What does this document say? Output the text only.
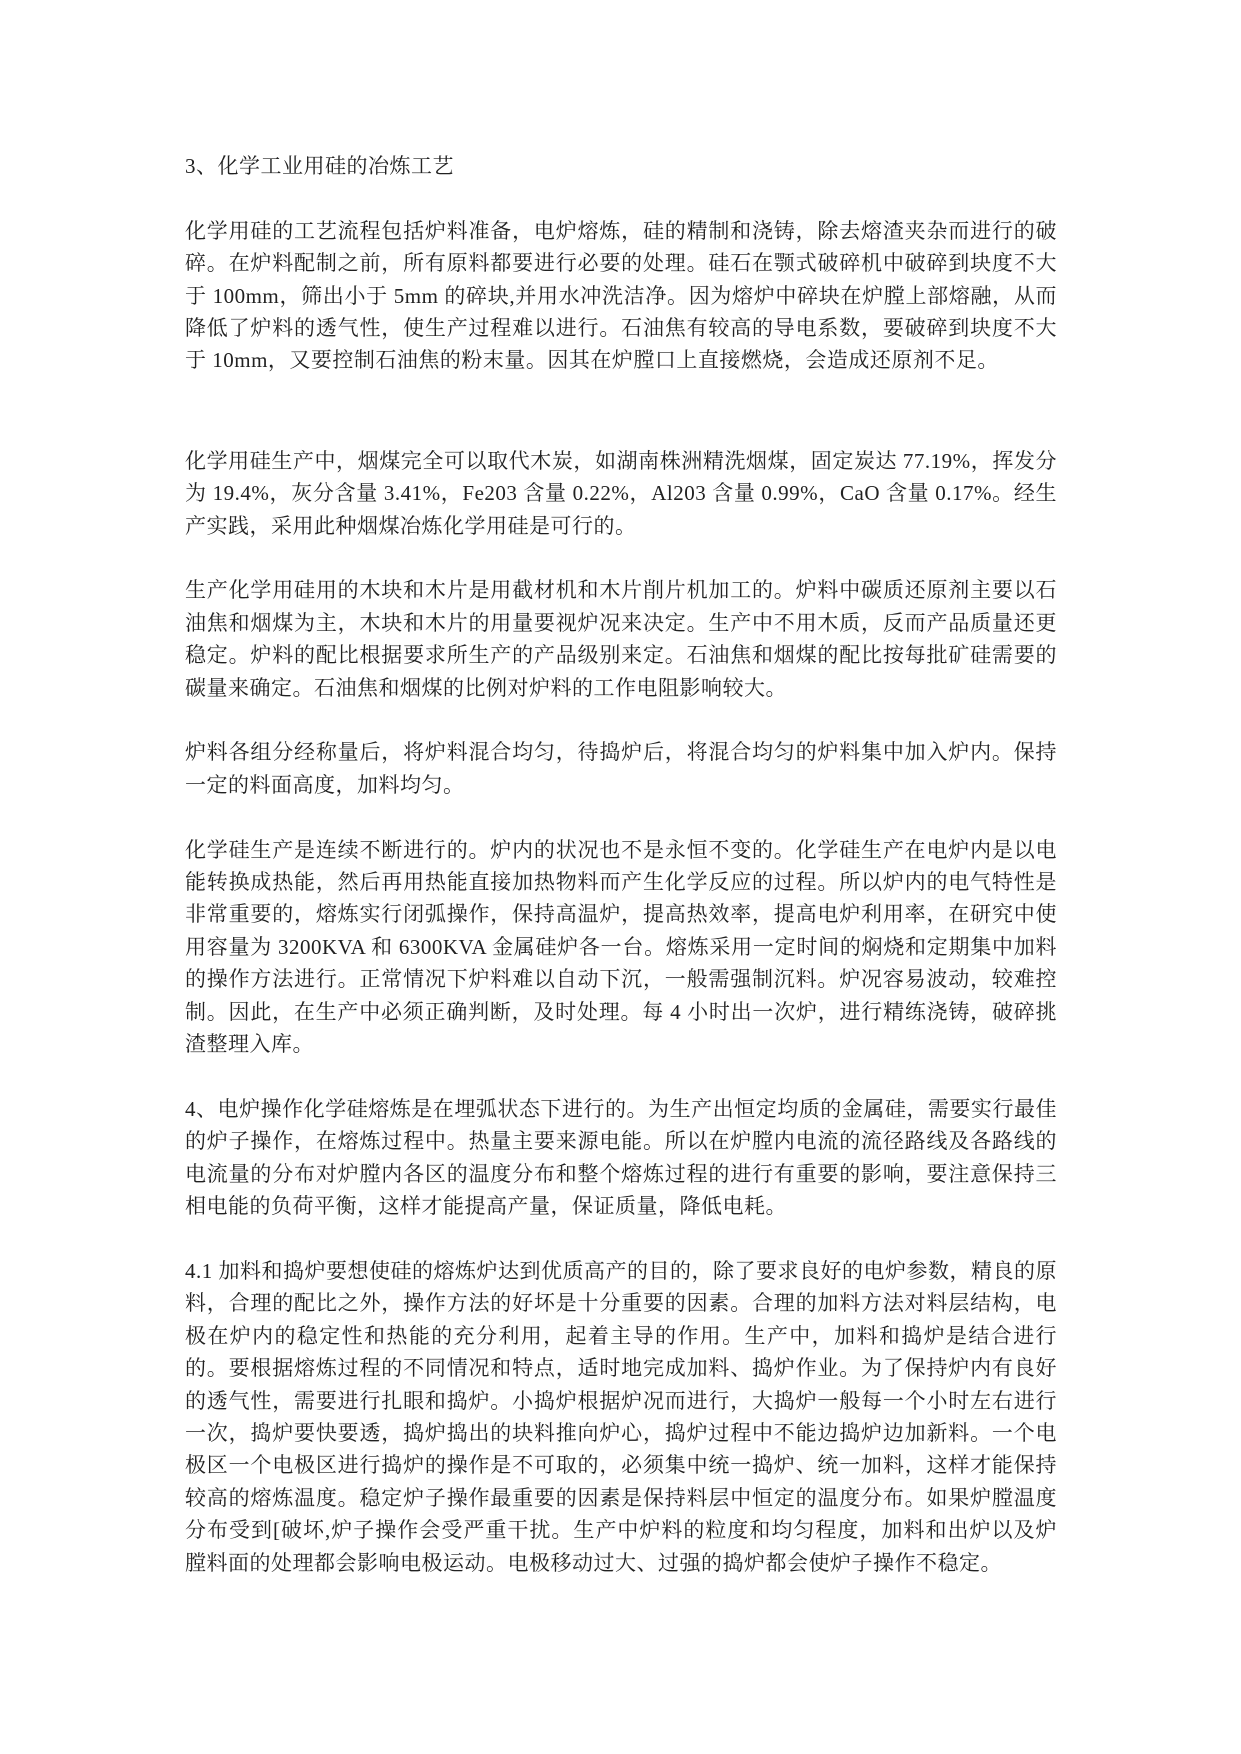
3、化学工业用硅的冶炼工艺

化学用硅的工艺流程包括炉料准备，电炉熔炼，硅的精制和浇铸，除去熔渣夹杂而进行的破碎。在炉料配制之前，所有原料都要进行必要的处理。硅石在颚式破碎机中破碎到块度不大于 100mm，筛出小于 5mm 的碎块,并用水冲洗洁净。因为熔炉中碎块在炉膛上部熔融，从而降低了炉料的透气性，使生产过程难以进行。石油焦有较高的导电系数，要破碎到块度不大于 10mm，又要控制石油焦的粉末量。因其在炉膛口上直接燃烧，会造成还原剂不足。

化学用硅生产中，烟煤完全可以取代木炭，如湖南株洲精洗烟煤，固定炭达 77.19%，挥发分为 19.4%，灰分含量 3.41%，Fe203 含量 0.22%，Al203 含量 0.99%，CaO 含量 0.17%。经生产实践，采用此种烟煤冶炼化学用硅是可行的。

生产化学用硅用的木块和木片是用截材机和木片削片机加工的。炉料中碳质还原剂主要以石油焦和烟煤为主，木块和木片的用量要视炉况来决定。生产中不用木质，反而产品质量还更稳定。炉料的配比根据要求所生产的产品级别来定。石油焦和烟煤的配比按每批矿硅需要的碳量来确定。石油焦和烟煤的比例对炉料的工作电阻影响较大。

炉料各组分经称量后，将炉料混合均匀，待捣炉后，将混合均匀的炉料集中加入炉内。保持一定的料面高度，加料均匀。

化学硅生产是连续不断进行的。炉内的状况也不是永恒不变的。化学硅生产在电炉内是以电能转换成热能，然后再用热能直接加热物料而产生化学反应的过程。所以炉内的电气特性是非常重要的，熔炼实行闭弧操作，保持高温炉，提高热效率，提高电炉利用率，在研究中使用容量为 3200KVA 和 6300KVA 金属硅炉各一台。熔炼采用一定时间的焖烧和定期集中加料的操作方法进行。正常情况下炉料难以自动下沉，一般需强制沉料。炉况容易波动，较难控制。因此，在生产中必须正确判断，及时处理。每 4 小时出一次炉，进行精练浇铸，破碎挑渣整理入库。

4、电炉操作化学硅熔炼是在埋弧状态下进行的。为生产出恒定均质的金属硅，需要实行最佳的炉子操作，在熔炼过程中。热量主要来源电能。所以在炉膛内电流的流径路线及各路线的电流量的分布对炉膛内各区的温度分布和整个熔炼过程的进行有重要的影响，要注意保持三相电能的负荷平衡，这样才能提高产量，保证质量，降低电耗。

4.1 加料和捣炉要想使硅的熔炼炉达到优质高产的目的，除了要求良好的电炉参数，精良的原料，合理的配比之外，操作方法的好坏是十分重要的因素。合理的加料方法对料层结构，电极在炉内的稳定性和热能的充分利用，起着主导的作用。生产中，加料和捣炉是结合进行的。要根据熔炼过程的不同情况和特点，适时地完成加料、捣炉作业。为了保持炉内有良好的透气性，需要进行扎眼和捣炉。小捣炉根据炉况而进行，大捣炉一般每一个小时左右进行一次，捣炉要快要透，捣炉捣出的块料推向炉心，捣炉过程中不能边捣炉边加新料。一个电极区一个电极区进行捣炉的操作是不可取的，必须集中统一捣炉、统一加料，这样才能保持较高的熔炼温度。稳定炉子操作最重要的因素是保持料层中恒定的温度分布。如果炉膛温度分布受到[破坏,炉子操作会受严重干扰。生产中炉料的粒度和均匀程度，加料和出炉以及炉膛料面的处理都会影响电极运动。电极移动过大、过强的捣炉都会使炉子操作不稳定。
